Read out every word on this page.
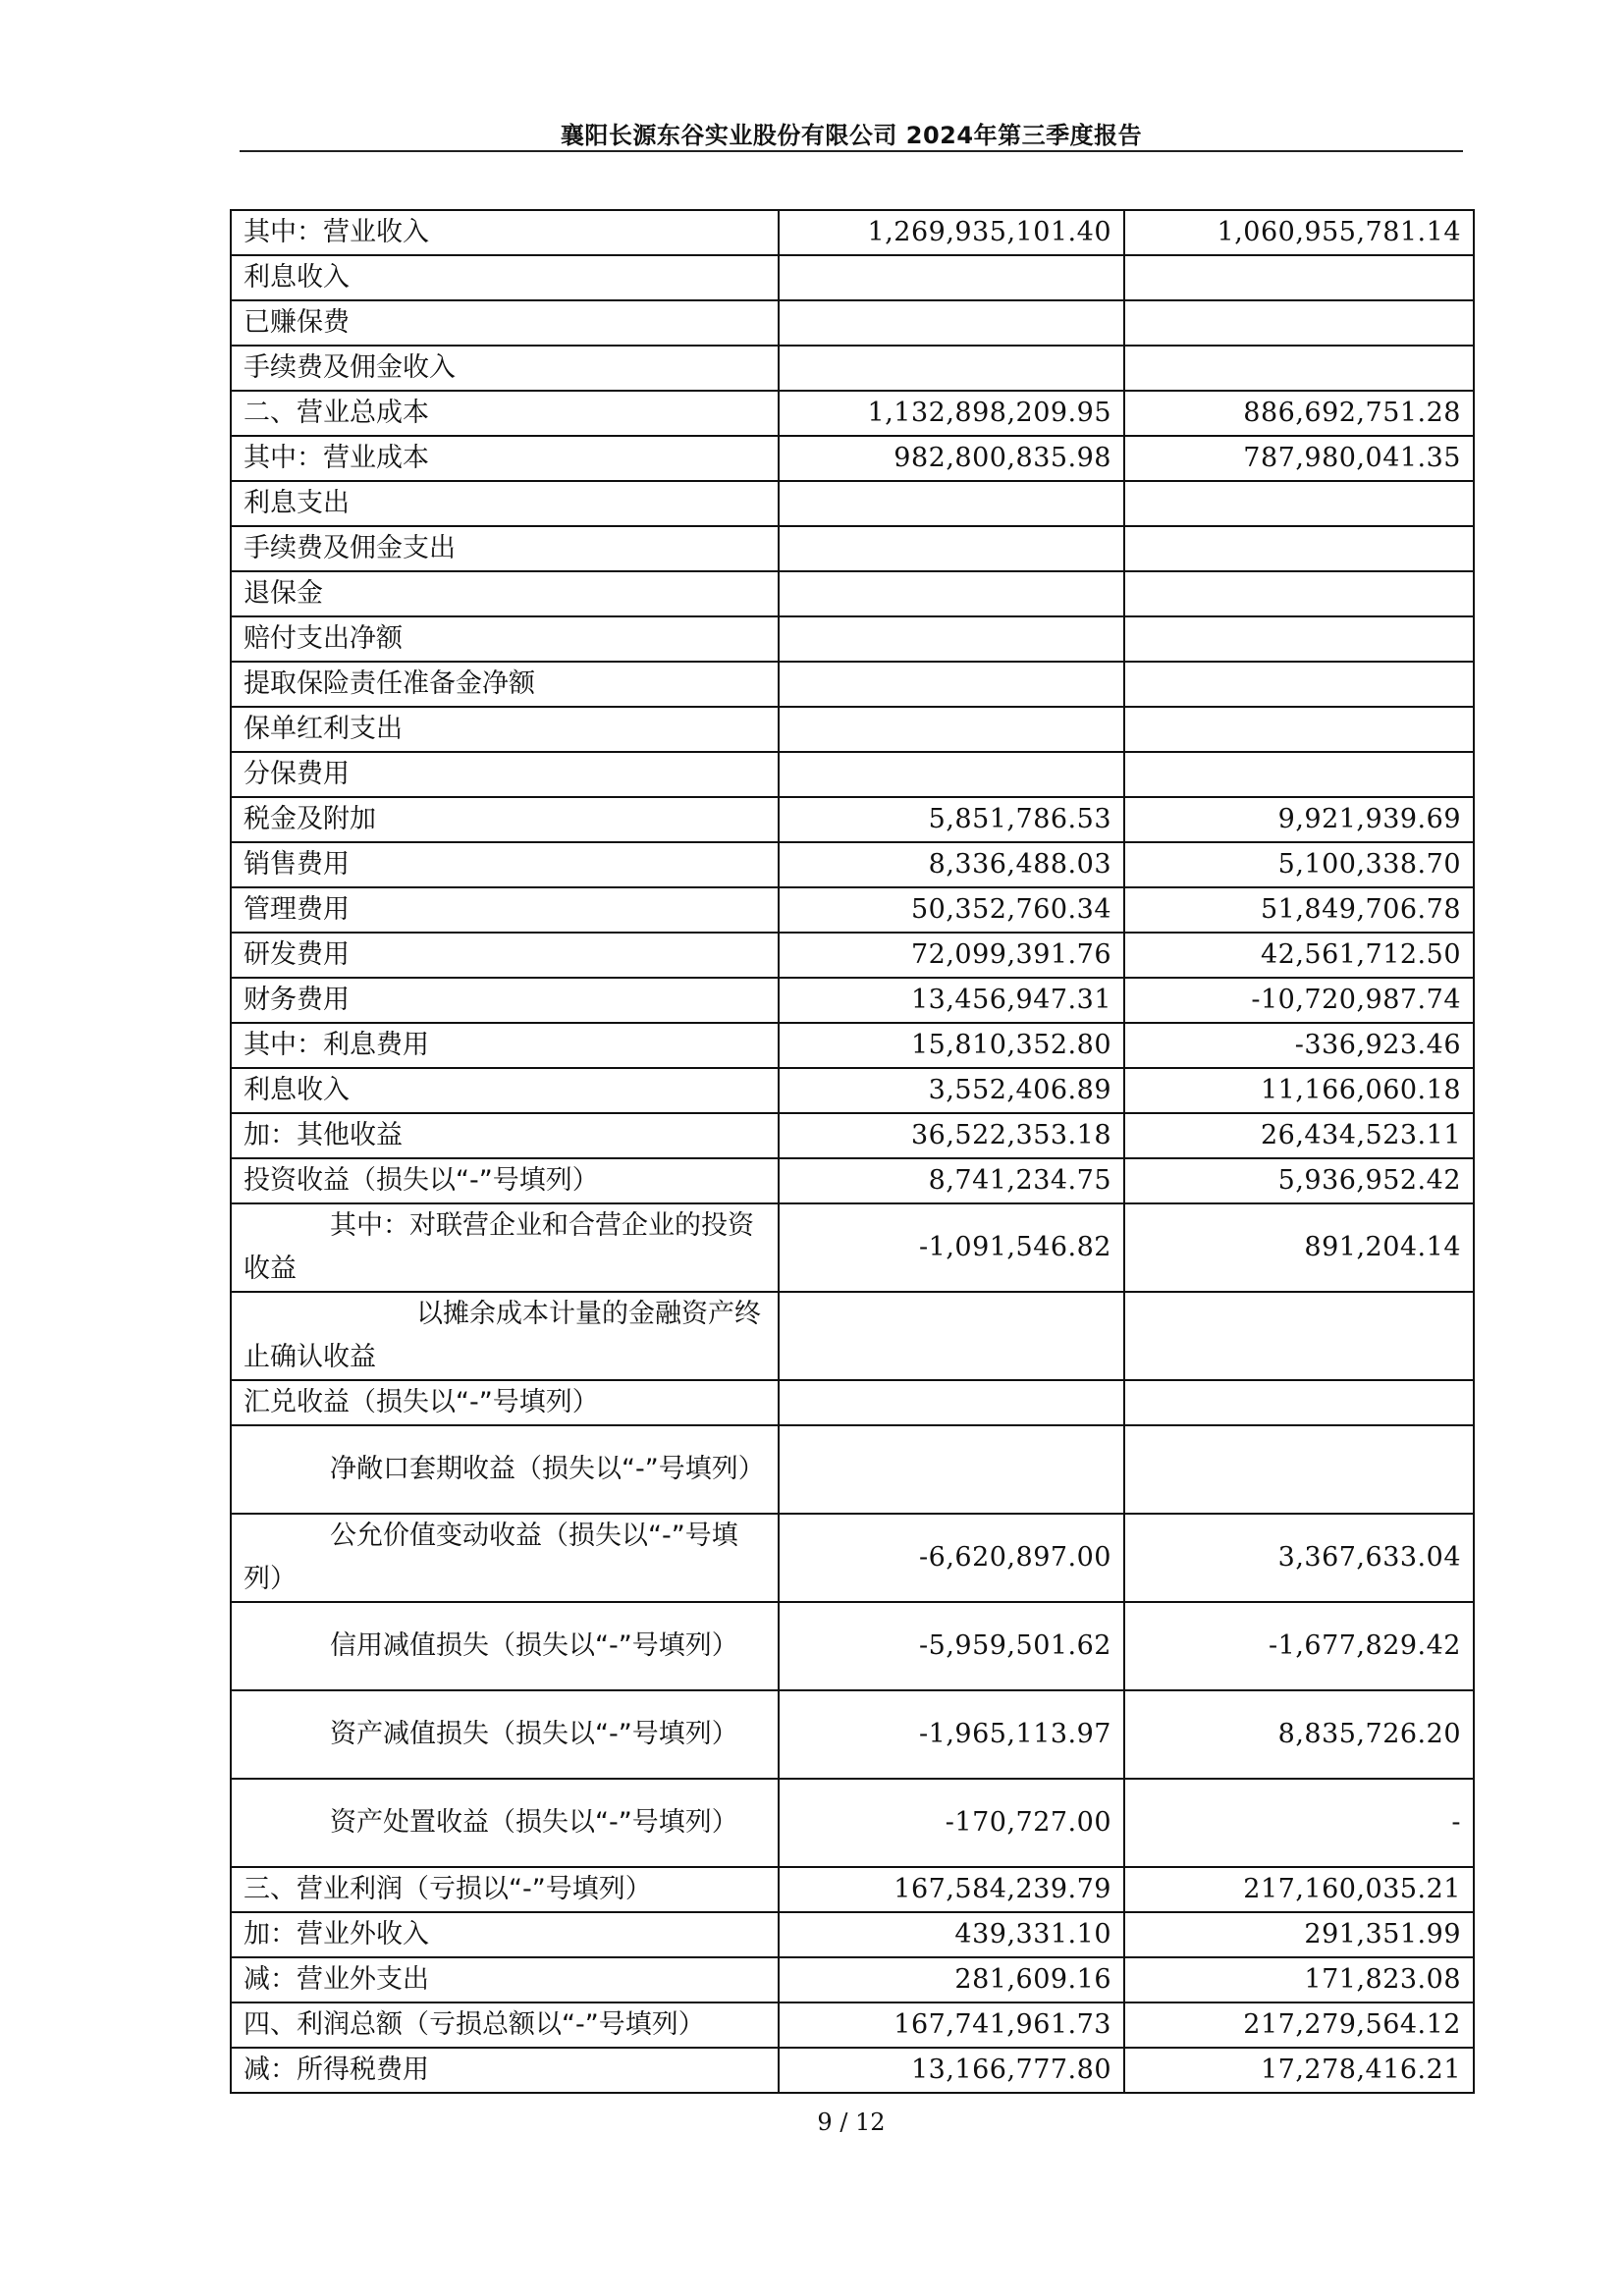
襄阳长源东谷实业股份有限公司 2024年第三季度报告
其中：营业收入	1,269,935,101.40	1,060,955,781.14
利息收入		
已赚保费		
手续费及佣金收入		
二、营业总成本	1,132,898,209.95	886,692,751.28
其中：营业成本	982,800,835.98	787,980,041.35
利息支出		
手续费及佣金支出		
退保金		
赔付支出净额		
提取保险责任准备金净额		
保单红利支出		
分保费用		
税金及附加	5,851,786.53	9,921,939.69
销售费用	8,336,488.03	5,100,338.70
管理费用	50,352,760.34	51,849,706.78
研发费用	72,099,391.76	42,561,712.50
财务费用	13,456,947.31	-10,720,987.74
其中：利息费用	15,810,352.80	-336,923.46
利息收入	3,552,406.89	11,166,060.18
加：其他收益	36,522,353.18	26,434,523.11
投资收益（损失以“-”号填列）	8,741,234.75	5,936,952.42
其中：对联营企业和合营企业的投资收益	-1,091,546.82	891,204.14
以摊余成本计量的金融资产终止确认收益		
汇兑收益（损失以“-”号填列）		
净敞口套期收益（损失以“-”号填列）		
公允价值变动收益（损失以“-”号填列）	-6,620,897.00	3,367,633.04
信用减值损失（损失以“-”号填列）	-5,959,501.62	-1,677,829.42
资产减值损失（损失以“-”号填列）	-1,965,113.97	8,835,726.20
资产处置收益（损失以“-”号填列）	-170,727.00	-
三、营业利润（亏损以“-”号填列）	167,584,239.79	217,160,035.21
加：营业外收入	439,331.10	291,351.99
减：营业外支出	281,609.16	171,823.08
四、利润总额（亏损总额以“-”号填列）	167,741,961.73	217,279,564.12
减：所得税费用	13,166,777.80	17,278,416.21
9 / 12
